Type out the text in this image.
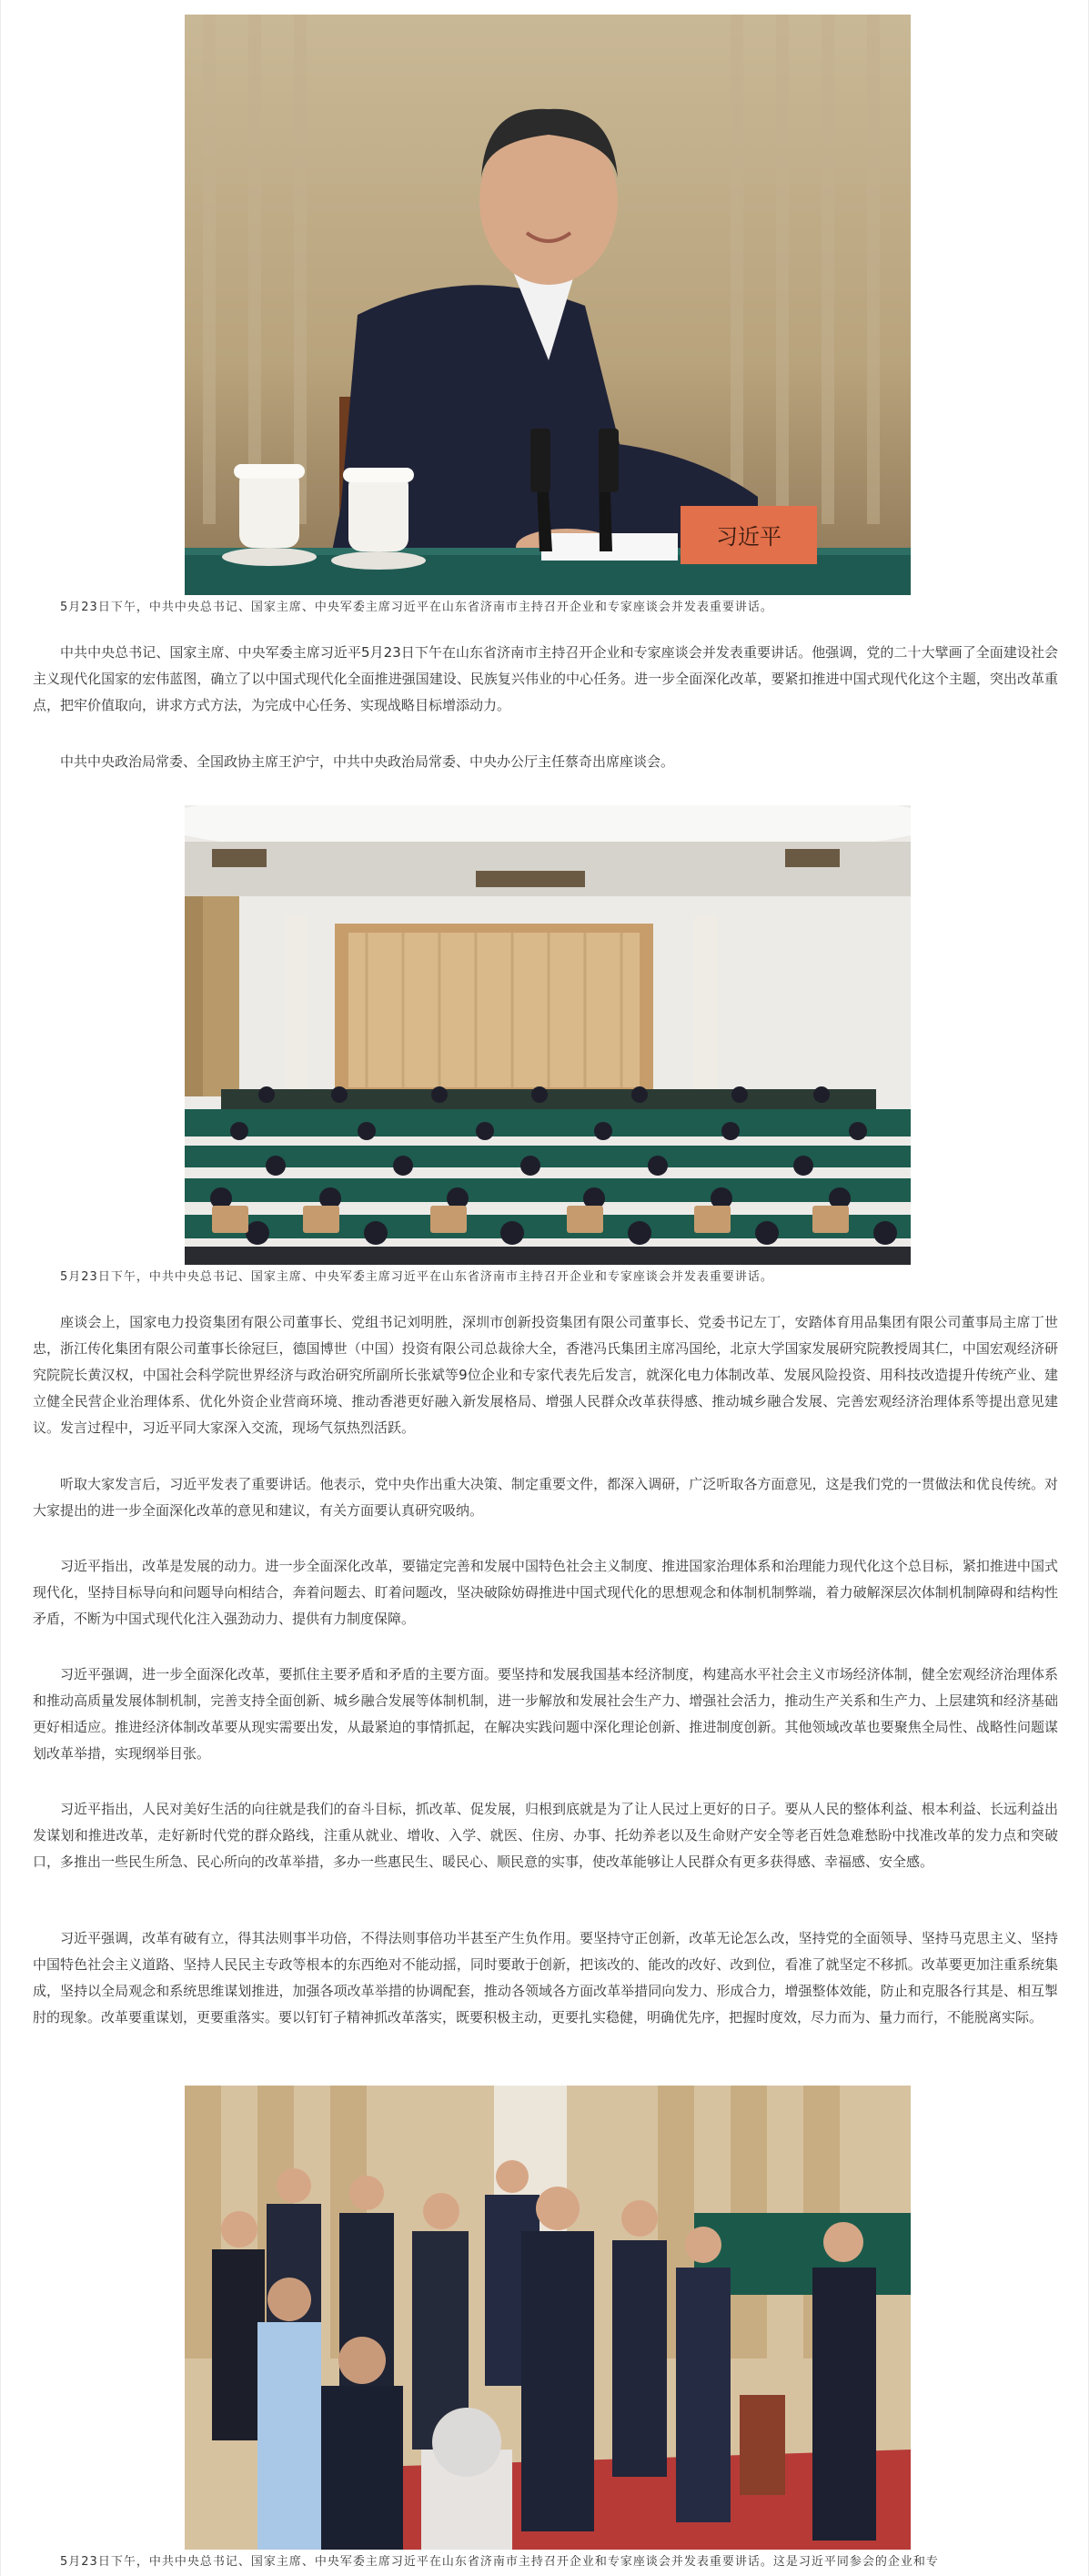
习近平
5月23日下午，中共中央总书记、国家主席、中央军委主席习近平在山东省济南市主持召开企业和专家座谈会并发表重要讲话。

中共中央总书记、国家主席、中央军委主席习近平5月23日下午在山东省济南市主持召开企业和专家座谈会并发表重要讲话。他强调，党的二十大擘画了全面建设社会主义现代化国家的宏伟蓝图，确立了以中国式现代化全面推进强国建设、民族复兴伟业的中心任务。进一步全面深化改革，要紧扣推进中国式现代化这个主题，突出改革重点，把牢价值取向，讲求方式方法，为完成中心任务、实现战略目标增添动力。

中共中央政治局常委、全国政协主席王沪宁，中共中央政治局常委、中央办公厅主任蔡奇出席座谈会。

5月23日下午，中共中央总书记、国家主席、中央军委主席习近平在山东省济南市主持召开企业和专家座谈会并发表重要讲话。

座谈会上，国家电力投资集团有限公司董事长、党组书记刘明胜，深圳市创新投资集团有限公司董事长、党委书记左丁，安踏体育用品集团有限公司董事局主席丁世忠，浙江传化集团有限公司董事长徐冠巨，德国博世（中国）投资有限公司总裁徐大全，香港冯氏集团主席冯国纶，北京大学国家发展研究院教授周其仁，中国宏观经济研究院院长黄汉权，中国社会科学院世界经济与政治研究所副所长张斌等9位企业和专家代表先后发言，就深化电力体制改革、发展风险投资、用科技改造提升传统产业、建立健全民营企业治理体系、优化外资企业营商环境、推动香港更好融入新发展格局、增强人民群众改革获得感、推动城乡融合发展、完善宏观经济治理体系等提出意见建议。发言过程中，习近平同大家深入交流，现场气氛热烈活跃。

听取大家发言后，习近平发表了重要讲话。他表示，党中央作出重大决策、制定重要文件，都深入调研，广泛听取各方面意见，这是我们党的一贯做法和优良传统。对大家提出的进一步全面深化改革的意见和建议，有关方面要认真研究吸纳。

习近平指出，改革是发展的动力。进一步全面深化改革，要锚定完善和发展中国特色社会主义制度、推进国家治理体系和治理能力现代化这个总目标，紧扣推进中国式现代化，坚持目标导向和问题导向相结合，奔着问题去、盯着问题改，坚决破除妨碍推进中国式现代化的思想观念和体制机制弊端，着力破解深层次体制机制障碍和结构性矛盾，不断为中国式现代化注入强劲动力、提供有力制度保障。

习近平强调，进一步全面深化改革，要抓住主要矛盾和矛盾的主要方面。要坚持和发展我国基本经济制度，构建高水平社会主义市场经济体制，健全宏观经济治理体系和推动高质量发展体制机制，完善支持全面创新、城乡融合发展等体制机制，进一步解放和发展社会生产力、增强社会活力，推动生产关系和生产力、上层建筑和经济基础更好相适应。推进经济体制改革要从现实需要出发，从最紧迫的事情抓起，在解决实践问题中深化理论创新、推进制度创新。其他领域改革也要聚焦全局性、战略性问题谋划改革举措，实现纲举目张。

习近平指出，人民对美好生活的向往就是我们的奋斗目标，抓改革、促发展，归根到底就是为了让人民过上更好的日子。要从人民的整体利益、根本利益、长远利益出发谋划和推进改革，走好新时代党的群众路线，注重从就业、增收、入学、就医、住房、办事、托幼养老以及生命财产安全等老百姓急难愁盼中找准改革的发力点和突破口，多推出一些民生所急、民心所向的改革举措，多办一些惠民生、暖民心、顺民意的实事，使改革能够让人民群众有更多获得感、幸福感、安全感。

习近平强调，改革有破有立，得其法则事半功倍，不得法则事倍功半甚至产生负作用。要坚持守正创新，改革无论怎么改，坚持党的全面领导、坚持马克思主义、坚持中国特色社会主义道路、坚持人民民主专政等根本的东西绝对不能动摇，同时要敢于创新，把该改的、能改的改好、改到位，看准了就坚定不移抓。改革要更加注重系统集成，坚持以全局观念和系统思维谋划推进，加强各项改革举措的协调配套，推动各领域各方面改革举措同向发力、形成合力，增强整体效能，防止和克服各行其是、相互掣肘的现象。改革要重谋划，更要重落实。要以钉钉子精神抓改革落实，既要积极主动，更要扎实稳健，明确优先序，把握时度效，尽力而为、量力而行，不能脱离实际。

5月23日下午，中共中央总书记、国家主席、中央军委主席习近平在山东省济南市主持召开企业和专家座谈会并发表重要讲话。这是习近平同参会的企业和专
